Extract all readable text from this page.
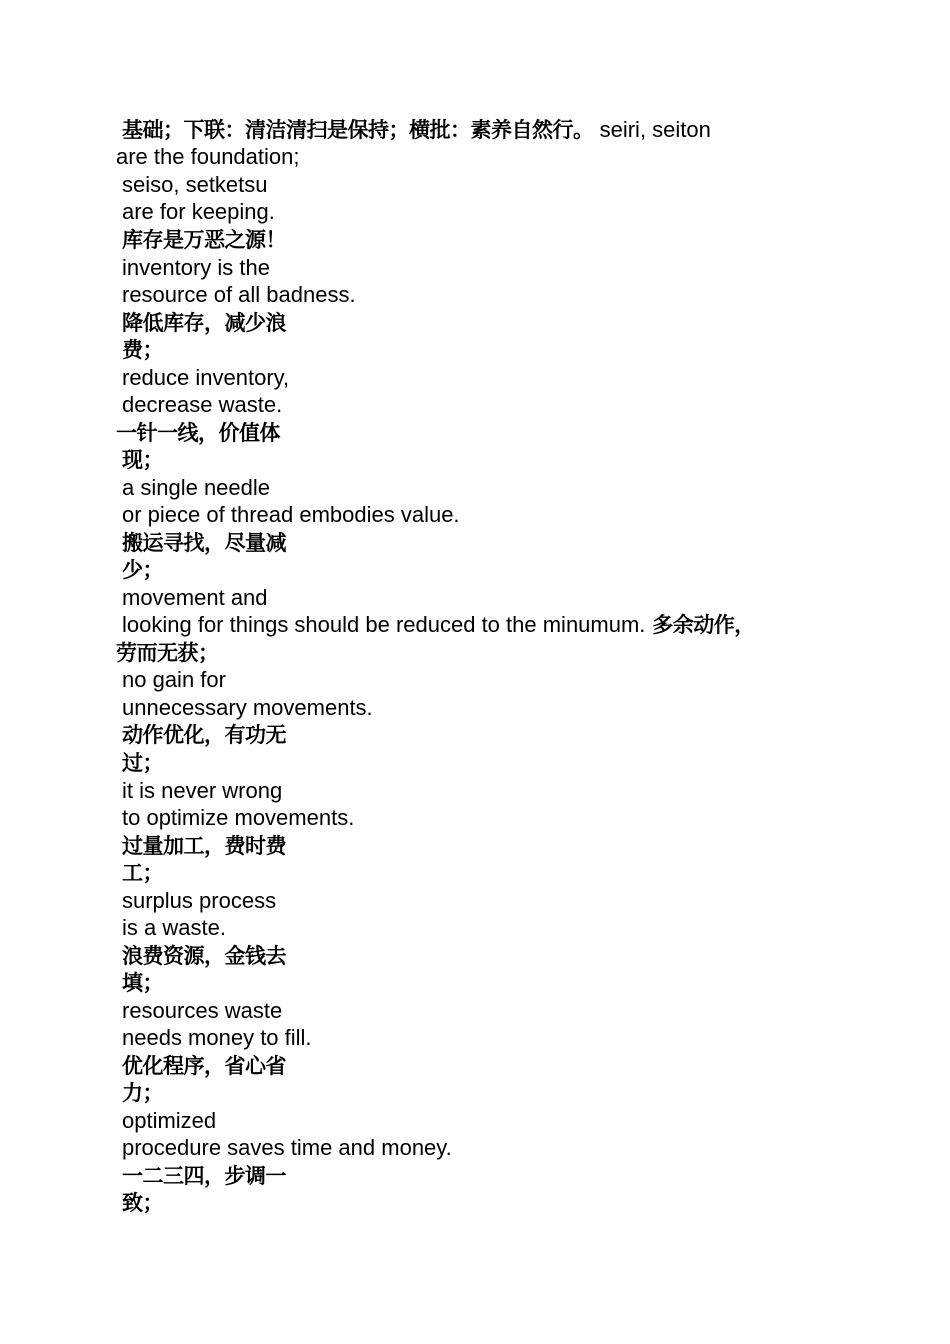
基础；下联：清洁清扫是保持；横批：素养自然行。 seiri, seiton
are the foundation;
seiso, setketsu
are for keeping.
库存是万恶之源！
inventory is the
resource of all badness.
降低库存，减少浪
费；
reduce inventory,
decrease waste.
一针一线，价值体
现；
a single needle
or piece of thread embodies value.
搬运寻找，尽量减
少；
movement and
looking for things should be reduced to the minumum. 多余动作，
劳而无获；
no gain for
unnecessary movements.
动作优化，有功无
过；
it is never wrong
to optimize movements.
过量加工，费时费
工；
surplus process
is a waste.
浪费资源，金钱去
填；
resources waste
needs money to fill.
优化程序，省心省
力；
optimized
procedure saves time and money.
一二三四，步调一
致；
